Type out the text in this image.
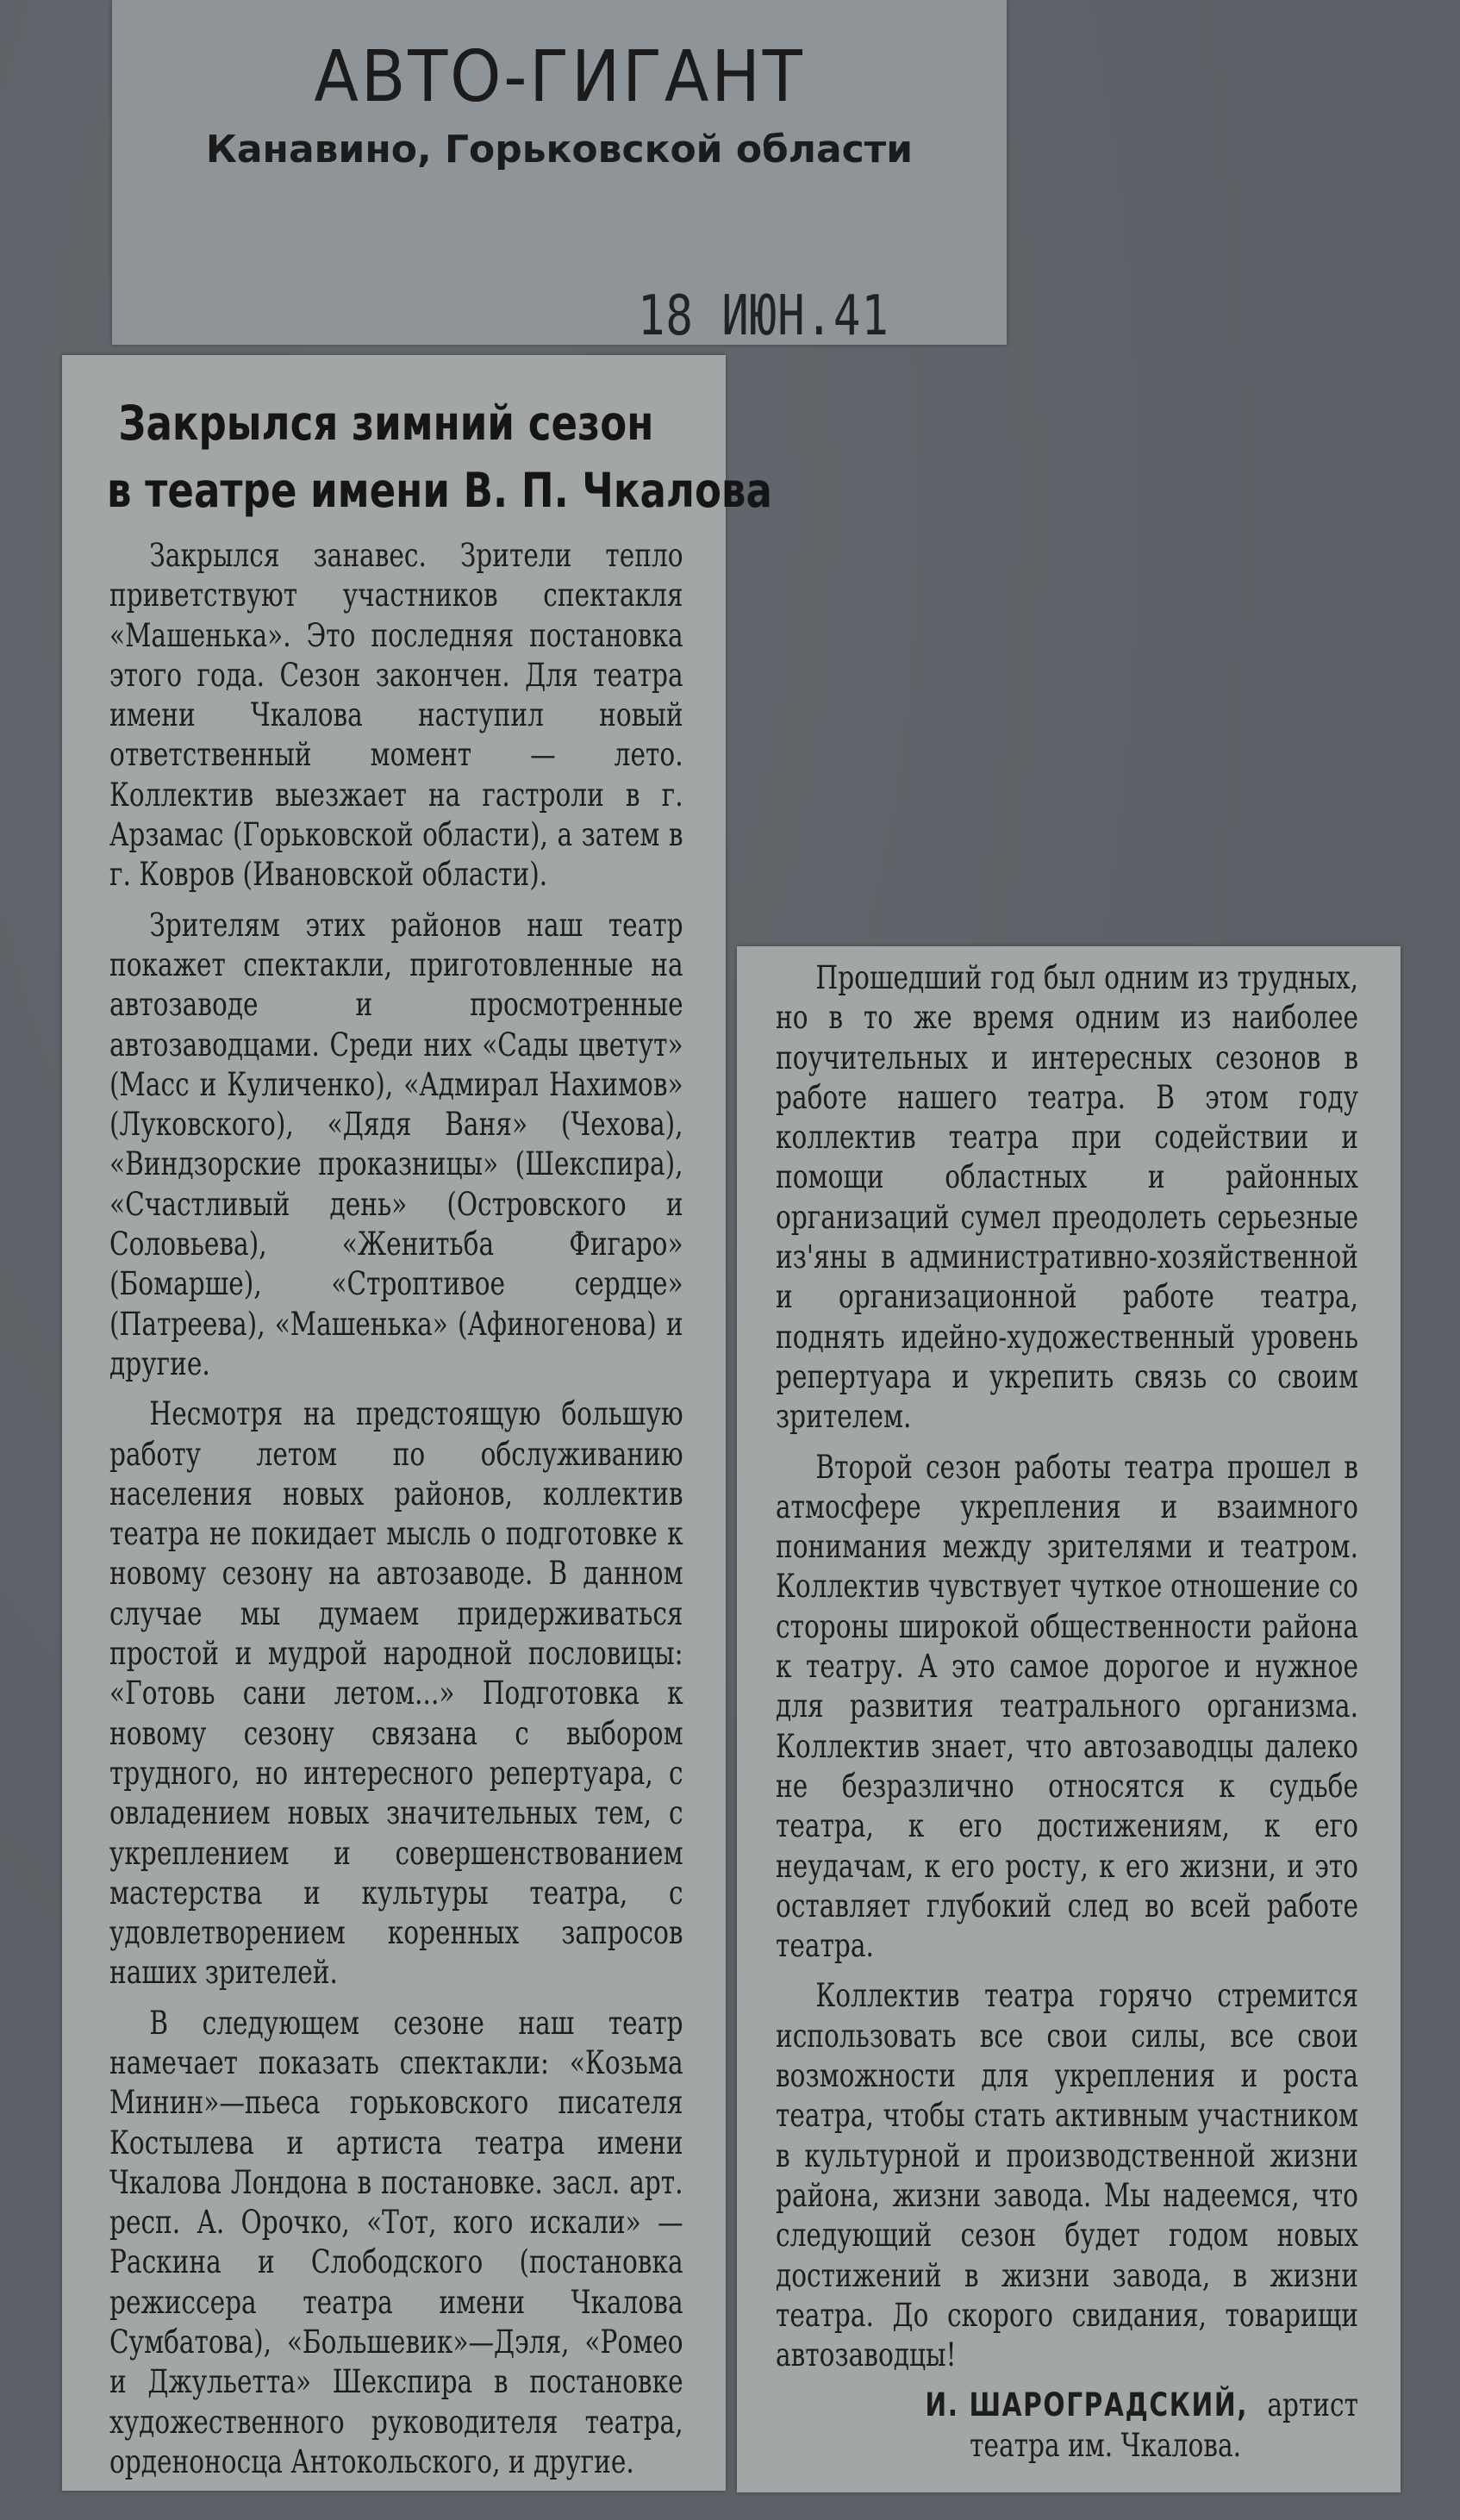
АВТО-ГИГАНТ
Канавино, Горьковской области
18 ИЮН.41
Закрылся зимний сезон
в театре имени В. П. Чкалова

Закрылся занавес. Зрители тепло приветствуют участников спектакля «Машенька». Это последняя постановка этого года. Сезон закончен. Для театра имени Чкалова наступил новый ответственный момент — лето. Коллектив выезжает на гастроли в г. Арзамас (Горьковской области), а затем в г. Ковров (Ивановской области).

Зрителям этих районов наш театр покажет спектакли, приготовленные на автозаводе и просмотренные автозаводцами. Среди них «Сады цветут» (Масс и Куличенко), «Адмирал Нахимов» (Луковского), «Дядя Ваня» (Чехова), «Виндзорские проказницы» (Шекспира), «Счастливый день» (Островского и Соловьева), «Женитьба Фигаро» (Бомарше), «Строптивое сердце» (Патреева), «Машенька» (Афиногенова) и другие.

Несмотря на предстоящую большую работу летом по обслуживанию населения новых районов, коллектив театра не покидает мысль о подготовке к новому сезону на автозаводе. В данном случае мы думаем придерживаться простой и мудрой народной пословицы: «Готовь сани летом...» Подготовка к новому сезону связана с выбором трудного, но интересного репертуара, с овладением новых значительных тем, с укреплением и совершенствованием мастерства и культуры театра, с удовлетворением коренных запросов наших зрителей.

В следующем сезоне наш театр намечает показать спектакли: «Козьма Минин»—пьеса горьковского писателя Костылева и артиста театра имени Чкалова Лондона в постановке. засл. арт. респ. А. Орочко, «Тот, кого искали» — Раскина и Слободского (постановка режиссера театра имени Чкалова Сумбатова), «Большевик»—Дэля, «Ромео и Джульетта» Шекспира в постановке художественного руководителя театра, орденоносца Антокольского, и другие.

Прошедший год был одним из трудных, но в то же время одним из наиболее поучительных и интересных сезонов в работе нашего театра. В этом году коллектив театра при содействии и помощи областных и районных организаций сумел преодолеть серьезные из'яны в административно-хозяйственной и организационной работе театра, поднять идейно-художественный уровень репертуара и укрепить связь со своим зрителем.

Второй сезон работы театра прошел в атмосфере укрепления и взаимного понимания между зрителями и театром. Коллектив чувствует чуткое отношение со стороны широкой общественности района к театру. А это самое дорогое и нужное для развития театрального организма. Коллектив знает, что автозаводцы далеко не безразлично относятся к судьбе театра, к его достижениям, к его неудачам, к его росту, к его жизни, и это оставляет глубокий след во всей работе театра.

Коллектив театра горячо стремится использовать все свои силы, все свои возможности для укрепления и роста театра, чтобы стать активным участником в культурной и производственной жизни района, жизни завода. Мы надеемся, что следующий сезон будет годом новых достижений в жизни завода, в жизни театра. До скорого свидания, товарищи автозаводцы!

И. ШАРОГРАДСКИЙ, артист
театра им. Чкалова.
